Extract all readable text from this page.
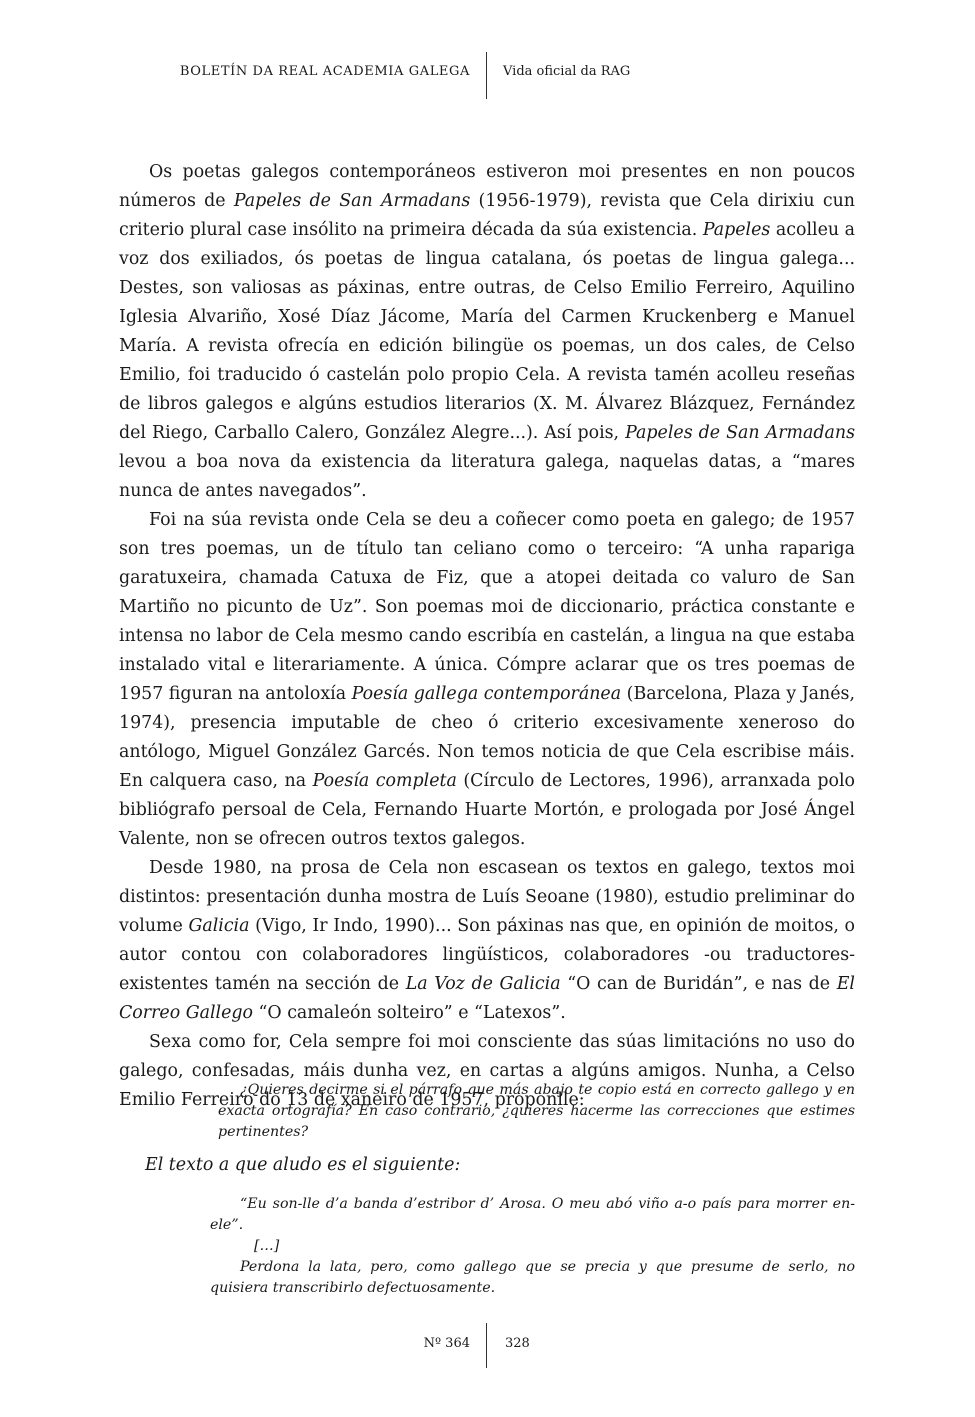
BOLETÍN DA REAL ACADEMIA GALEGA	Vida oficial da RAG

Os poetas galegos contemporáneos estiveron moi presentes en non poucos números de Papeles de San Armadans (1956-1979), revista que Cela dirixiu cun criterio plural case insólito na primeira década da súa existencia. Papeles acolleu a voz dos exiliados, ós poetas de lingua catalana, ós poetas de lingua galega... Destes, son valiosas as páxinas, entre outras, de Celso Emilio Ferreiro, Aquilino Iglesia Alvariño, Xosé Díaz Jácome, María del Carmen Kruckenberg e Manuel María. A revista ofrecía en edición bilingüe os poemas, un dos cales, de Celso Emilio, foi traducido ó castelán polo propio Cela. A revista tamén acolleu reseñas de libros galegos e algúns estudios literarios (X. M. Álvarez Blázquez, Fernández del Riego, Carballo Calero, González Alegre...). Así pois, Papeles de San Armadans levou a boa nova da existencia da literatura galega, naquelas datas, a “mares nunca de antes navegados”.

Foi na súa revista onde Cela se deu a coñecer como poeta en galego; de 1957 son tres poemas, un de título tan celiano como o terceiro: “A unha rapariga garatuxeira, chamada Catuxa de Fiz, que a atopei deitada co valuro de San Martiño no picunto de Uz”. Son poemas moi de diccionario, práctica constante e intensa no labor de Cela mesmo cando escribía en castelán, a lingua na que estaba instalado vital e literariamente. A única. Cómpre aclarar que os tres poemas de 1957 figuran na antoloxía Poesía gallega contemporánea (Barcelona, Plaza y Janés, 1974), presencia imputable de cheo ó criterio excesivamente xeneroso do antólogo, Miguel González Garcés. Non temos noticia de que Cela escribise máis. En calquera caso, na Poesía completa (Círculo de Lectores, 1996), arranxada polo bibliógrafo persoal de Cela, Fernando Huarte Mortón, e prologada por José Ángel Valente, non se ofrecen outros textos galegos.

Desde 1980, na prosa de Cela non escasean os textos en galego, textos moi distintos: presentación dunha mostra de Luís Seoane (1980), estudio preliminar do volume Galicia (Vigo, Ir Indo, 1990)... Son páxinas nas que, en opinión de moitos, o autor contou con colaboradores lingüísticos, colaboradores -ou traductores- existentes tamén na sección de La Voz de Galicia “O can de Buridán”, e nas de El Correo Gallego “O camaleón solteiro” e “Latexos”.

Sexa como for, Cela sempre foi moi consciente das súas limitacións no uso do galego, confesadas, máis dunha vez, en cartas a algúns amigos. Nunha, a Celso Emilio Ferreiro do 13 de xaneiro de 1957, proponlle:

¿Quieres decirme si el párrafo que más abajo te copio está en correcto gallego y en exacta ortografía? En caso contrario, ¿quieres hacerme las correcciones que estimes pertinentes?
El texto a que aludo es el siguiente:

“Eu son-lle d’a banda d’estribor d’ Arosa. O meu abó viño a-o país para morrer en-ele”.

[…]

Perdona la lata, pero, como gallego que se precia y que presume de serlo, no quisiera transcribirlo defectuosamente.

Nº 364	328
